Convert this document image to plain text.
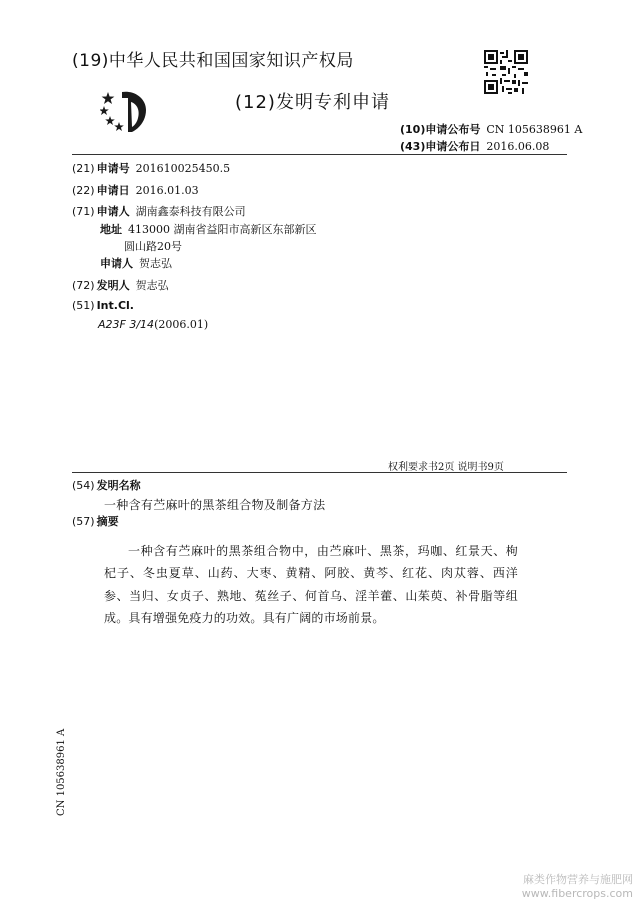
(19)中华人民共和国国家知识产权局
(12)发明专利申请
(10)申请公布号 CN 105638961 A
(43)申请公布日 2016.06.08
(21) 申请号 201610025450.5
(22) 申请日 2016.01.03
(71) 申请人 湖南鑫泰科技有限公司
地址 413000 湖南省益阳市高新区东部新区
圆山路20号
申请人 贺志弘
(72) 发明人 贺志弘
(51) Int.Cl.
A23F 3/14(2006.01)
权利要求书2页 说明书9页
(54) 发明名称
一种含有苎麻叶的黑茶组合物及制备方法
(57) 摘要
一种含有苎麻叶的黑茶组合物中，由苎麻叶、黑茶，玛咖、红景天、枸杞子、冬虫夏草、山药、大枣、黄精、阿胶、黄芩、红花、肉苁蓉、西洋参、当归、女贞子、熟地、菟丝子、何首乌、淫羊藿、山茱萸、补骨脂等组成。具有增强免疫力的功效。具有广阔的市场前景。
CN 105638961 A
麻类作物营养与施肥网
www.fibercrops.com
